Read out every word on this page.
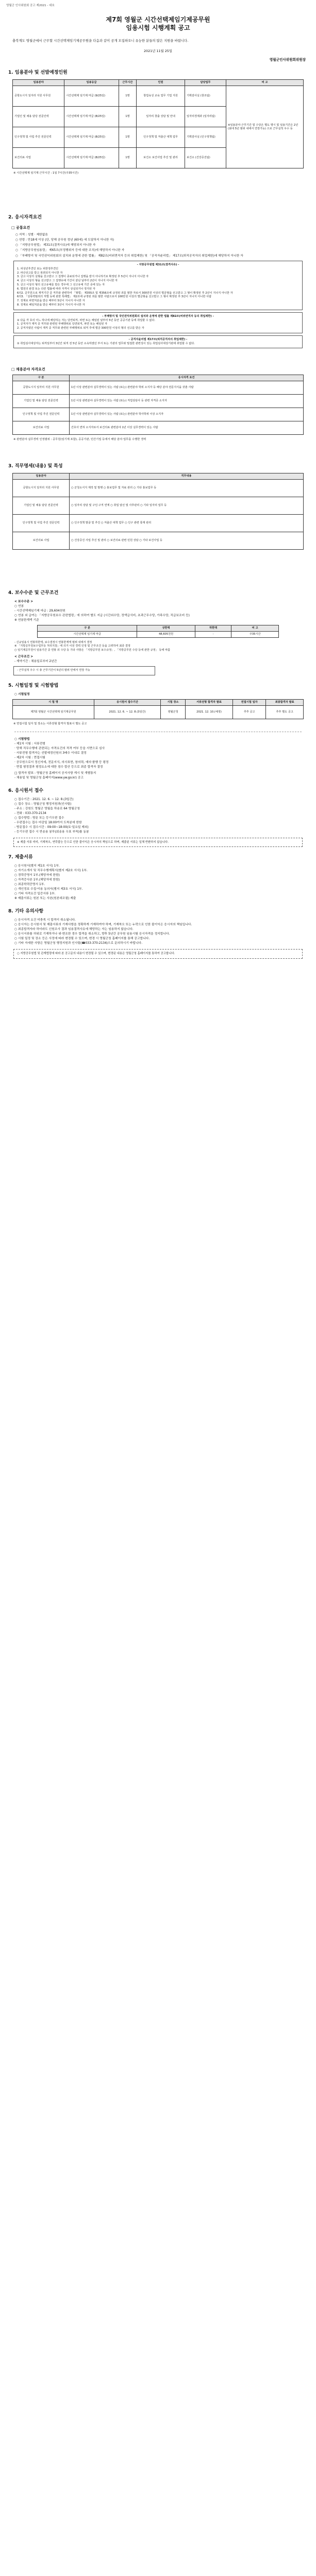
영월군 인사위원회 공고 제2021 - 대호
제7회 영월군 시간선택제임기제공무원
임용시험 시행계획 공고
충북계도 영월군에서 근무할 시간선택제임기제공무원을 다음과 같이 공개 모집하오니 유능한 분들의 많은 지원을 바랍니다.
2021년 11월 25일
영월군인사위원회위원장
1. 임용분야 및 선발예정인원
임용분야	임용등급	근무시간	인원	담당업무	비 고
공항도시지 일자리 지원 사무원	시간선택제 임기제 마급 (9/25일)	1명	창업육성 교육 업무 기업 지원	기획감사실 (창조팀)	※임용분야 근무기간 및 수당은 별도 명시 및 임용기간은 2년 (최대 5년 범위 내에서 연장가능) 으로 근무실적 우수 등
기업인 및 채용 담당 전문인력	시간선택제 임기제 마급 (8/25일)	1명	일자리 창출 상담 및 안내	일자리경제과 (일자리팀)	
인구정책 및 사업 추진 전문인력	시간선택제 임기제 마급 (8/25일)	1명	인구정책 및 저출산 대책 업무	기획감사실 (인구정책팀)	
보건의료 사업	시간선택제 임기제 마급 (8/25일)	1명	보건소 보건사업 추진 및 관리	보건소 (건강증진팀)	
※ 시간선택제 임기제 근무시간 : 1일 7시간(주35시간)
2. 응시자격요건
□ 공통요건
○ 지역 : 성별 · 제한없음
○ 연령 : 만18세 이상 (단, 당해 공무원 정년 (60세) 에 도달하지 아니한 자)
○ 「지방공무원법」 제31조(결격사유)에 해당되지 아니한 자
○ 「지방공무원임용령」 제65조(부정행위자 등에 대한 조치)에 해당하지 아니한 자
○ 「부패방지 및 국민권익위원회의 설치와 운영에 관한 법률」 제82조(비위면직자 등의 취업제한) 및 「공직자윤리법」 제17조(퇴직공직자의 취업제한)에 해당하지 아니한 자
- 지방공무원법 제31조(결격사유) -
1. 피성년후견인 또는 피한정후견인
2. 파산선고를 받고 복권되지 아니한 자
3. 금고 이상의 실형을 선고받고 그 집행이 종료되거나 집행을 받지 아니하기로 확정된 후 5년이 지나지 아니한 자
4. 금고 이상의 형을 선고받고 그 집행유예 기간이 끝난 날부터 2년이 지나지 아니한 자
5. 금고 이상의 형의 선고유예를 받은 경우에 그 선고유예 기간 중에 있는 자
6. 법원의 판결 또는 다른 법률에 따라 자격이 상실되거나 정지된 자
6의2. 공무원으로 재직기간 중 직무와 관련하여 「형법」 제355조 및 제356조에 규정된 죄를 범한 자로서 300만원 이상의 벌금형을 선고받고 그 형이 확정된 후 2년이 지나지 아니한 자
6의3. 「성폭력범죄의 처벌 등에 관한 특례법」 제2조에 규정된 죄를 범한 사람으로서 100만원 이상의 벌금형을 선고받고 그 형이 확정된 후 3년이 지나지 아니한 사람
7. 징계로 파면처분을 받은 때부터 5년이 지나지 아니한 자
8. 징계로 해임처분을 받은 때부터 3년이 지나지 아니한 자
- 부패방지 및 국민권익위원회의 설치와 운영에 관한 법률 제82조(비위면직자 등의 취업제한) -
① 다음 각 호의 어느 하나에 해당하는 자는 당연퇴직, 파면 또는 해임된 날부터 5년 동안 공공기관 등에 취업할 수 없다.
1. 공직자가 재직 중 직무와 관련된 부패행위로 당연퇴직, 파면 또는 해임된 자
2. 공직자였던 사람이 재직 중 직무와 관련된 부패행위로 퇴직 후에 벌금 300만원 이상의 형의 선고를 받은 자
- 공직자윤리법 제17조(퇴직공직자의 취업제한) -
① 취업심사대상자는 퇴직일부터 3년간 퇴직 전 5년 동안 소속하였던 부서 또는 기관의 업무와 밀접한 관련성이 있는 취업심사대상기관에 취업할 수 없다.
□ 채용분야 자격요건
구 분	응시자격 요건
공항도시지 일자리 지원 사무원	1년 이상 관련분야 실무경력이 있는 사람 (또는) 관련분야 학위 소지자 등 해당 분야 전문지식을 갖춘 사람
기업인 및 채용 담당 전문인력	1년 이상 관련분야 실무경력이 있는 사람 (또는) 직업상담사 등 관련 자격증 소지자
인구정책 및 사업 추진 전문인력	1년 이상 관련분야 실무경력이 있는 사람 (또는) 관련분야 학사학위 이상 소지자
보건의료 사업	간호사 면허 소지자로서 보건의료 관련분야 1년 이상 실무경력이 있는 사람
※ 관련분야 실무경력 인정범위 : 공무원(임기제 포함), 공공기관, 민간기업 등에서 해당 분야 업무를 수행한 경력
3. 직무명세(내용) 및 특성
임용분야	직무내용
공항도시지 일자리 지원 사무원	○ 군청소식지 제작 및 발행 ○ 홍보업무 및 자료 관리 ○ 기타 홍보업무 등
기업인 및 채용 담당 전문인력	○ 일자리 상담 및 구인·구직 연계 ○ 취업 알선 및 사후관리 ○ 기타 일자리 업무 등
인구정책 및 사업 추진 전문인력	○ 인구정책 발굴 및 추진 ○ 저출산 대책 업무 ○ 인구 관련 통계 관리
보건의료 사업	○ 건강증진 사업 추진 및 관리 ○ 보건의료 관련 민원 상담 ○ 기타 보건사업 등
4. 보수수준 및 근무조건
< 보수수준 >
○ 연봉
- 시간선택제임기제 마급 : 29,604천원
○ 연봉 외 급여는 「지방공무원보수 관련법령」에 의하여 별도 지급 (시간외수당, 정액급식비, 초과근무수당, 가족수당, 직급보조비 등)
※ 연봉한계액 기준
구 분	상한액	하한액	비 고
시간선택제 임기제 마급	48,605천원	-	주35시간
- 신규임용시 연봉하한액, 보수결정시 연봉한계액 범위 내에서 결정
※ 「지방공무원보수업무등 처리지침」에 의거 이전 경력 인정 및 근무조건 등을 고려하여 최종 결정
○ 임기제공무원이 임용기간 중 연봉 외 수당 등 기타 사항은 「지방공무원 보수규정」, 「지방공무원 수당 등에 관한 규정」 등에 따름
< 근무조건 >
- 계약기간 : 채용일로부터 2년간
- 근무실적 우수 시 총 근무기간이 5년의 범위 안에서 연장 가능
5. 시험일정 및 시험방법
○ 시험일정
시 험 명	응시원서 접수기간	시험 장소	서류전형 합격자 발표	면접시험 일자	최종합격자 발표
제7회 영월군 시간선택제 임기제공무원	2021. 12. 6. ~ 12. 8.(3일간)	영월군청	2021. 12. 10.(예정)	추후 공고	추후 별도 공고
※ 면접시험 일자 및 장소는 서류전형 합격자 발표시 별도 공고
○ 시험방법
- 제1차 시험 : 서류전형
· 당해 직무수행에 관련되는 자격요건의 적격 여부 등을 서면으로 심사
· 서류전형 합격자는 선발예정인원의 3배수 이내로 결정
- 제2차 시험 : 면접시험
· 공무원으로서 정신자세, 전문지식, 의사표현, 창의력, 예의·품행 등 평정
· 면접 평정결과 평정요소에 대한 점수 합산 등으로 최종 합격자 결정
□ 합격자 발표 : 영월군청 홈페이지 공지사항 게시 및 개별통지
- 채용일 및 영월군청 홈페이지(www.yw.go.kr) 공고
6. 응시원서 접수
○ 접수기간 : 2021. 12. 6. ~ 12. 8.(3일간)
○ 접수 장소 : 영월군청 행정지원과(인사팀)
- 주소 : 강원도 영월군 영월읍 하송로 64 영월군청
- 전화 : 033-370-2134
○ 접수방법 : 방문 또는 등기우편 접수
- 우편접수는 접수 마감일 18:00까지 도착분에 한함
- 방문접수 시 접수시간 : 09:00~18:00(토·일요일 제외)
- 등기우편 접수 시 반송용 봉투(회송용 우표 부착)를 동봉
※ 제출 서류 미비, 기재착오, 연락불능 등으로 인한 불이익은 응시자의 책임으로 하며, 제출된 서류는 일체 반환하지 않습니다.
7. 제출서류
○ 응시원서(별지 제1호 서식) 1부.
○ 자기소개서 및 직무수행계획서(별지 제2호 서식) 1부.
○ 경력증명서 1부.(해당자에 한함)
○ 자격증사본 1부.(해당자에 한함)
○ 최종학력증명서 1부.
○ 개인정보 수집·이용 동의서(별지 제3호 서식) 1부.
○ 기타 자격요건 입증서류 1부.
※ 제출서류는 원본 또는 사본(원본대조필) 제출
8. 기타 유의사항
○ 응시자격 요건 미충족 시 합격이 취소됩니다.
○ 응시자는 응시원서 및 제출서류의 기재사항을 정확하게 기재하여야 하며, 기재착오 또는 누락으로 인한 불이익은 응시자의 책임입니다.
○ 최종합격자라 하더라도 신원조사 결과 임용결격사유에 해당하는 자는 임용하지 않습니다.
○ 응시서류를 허위로 기재하거나 위·변조한 경우 합격을 취소하고, 향후 5년간 공무원 임용시험 응시자격을 정지합니다.
○ 시험 일정 및 장소 등은 사정에 따라 변경될 수 있으며, 변경 시 영월군청 홈페이지를 통해 공고합니다.
○ 기타 자세한 사항은 영월군청 행정지원과 인사팀(☎033-370-2134)으로 문의하시기 바랍니다.
○ 지방공무원법 및 관계법령에 따라 본 공고문의 내용이 변경될 수 있으며, 변경된 내용은 영월군청 홈페이지를 통하여 공고합니다.
